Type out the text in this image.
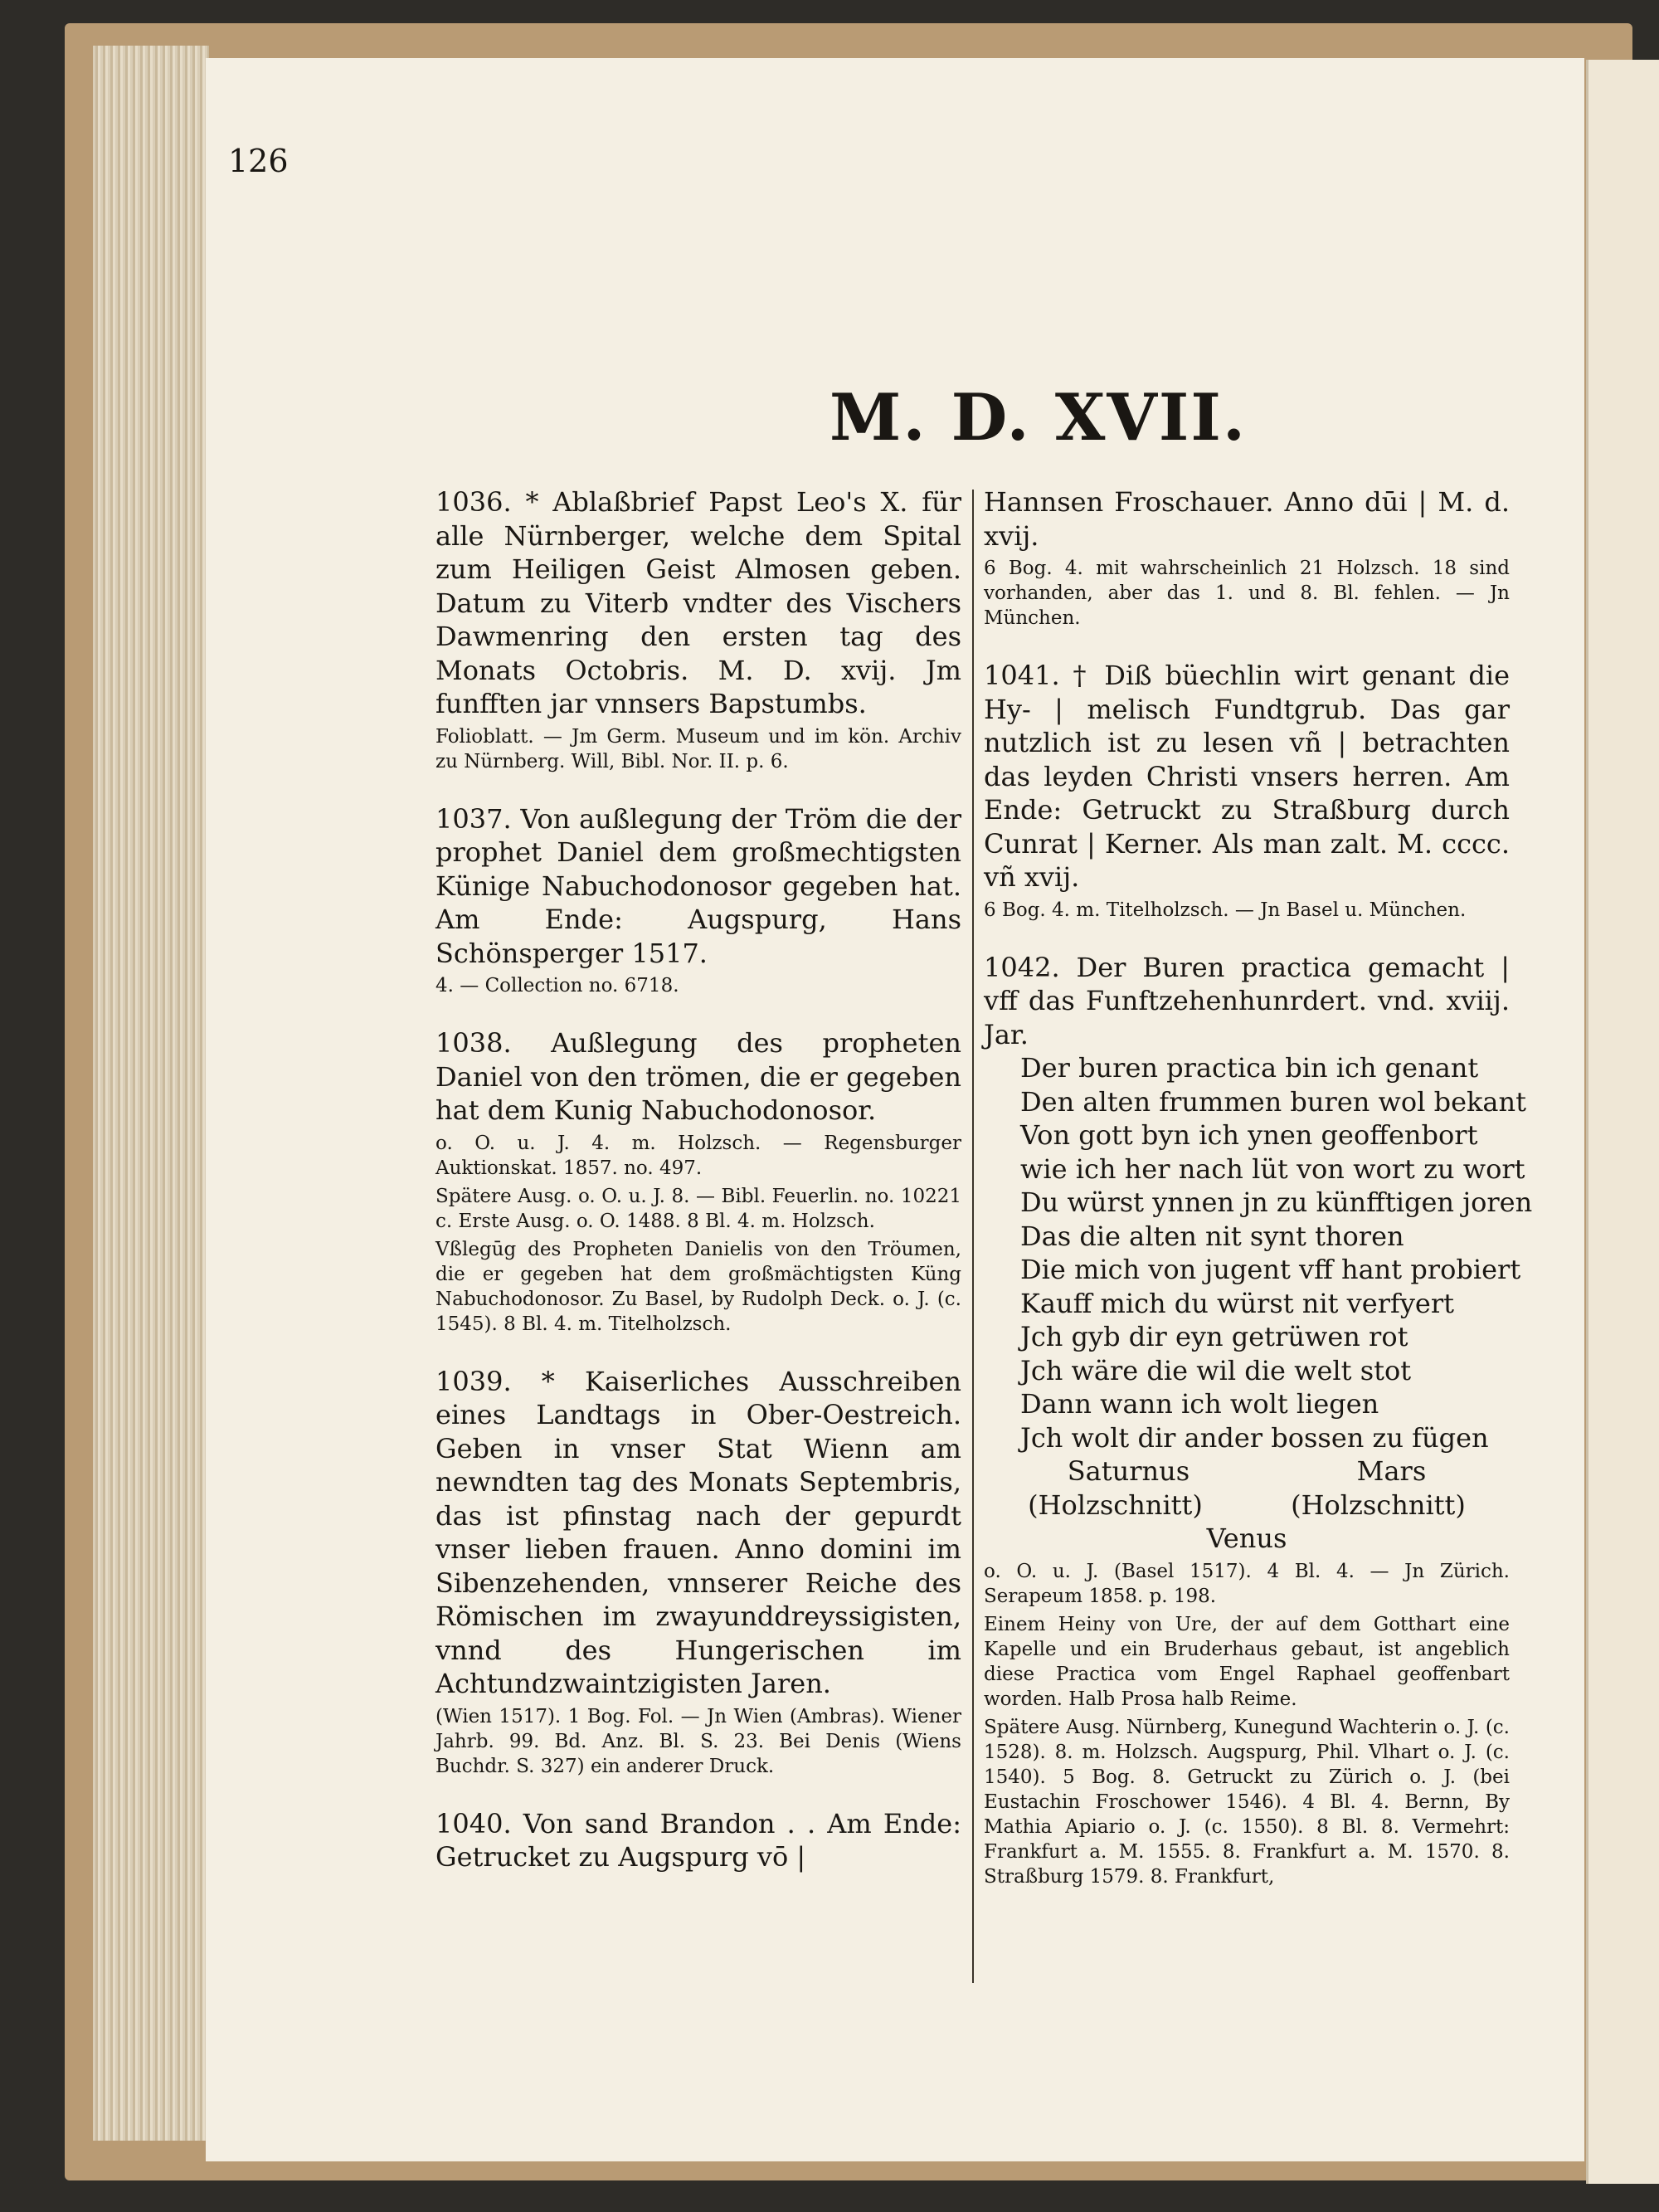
126
M. D. XVII.
1036. * Ablaßbrief Papst Leo's X. für alle Nürnberger, welche dem Spital zum Heiligen Geist Almosen geben. Datum zu Viterb vndter des Vischers Dawmenring den ersten tag des Monats Octobris. M. D. xvij. Jm funfften jar vnnsers Bapstumbs.
Folioblatt. — Jm Germ. Museum und im kön. Archiv zu Nürnberg. Will, Bibl. Nor. II. p. 6.
1037. Von außlegung der Tröm die der prophet Daniel dem großmechtigsten Künige Nabuchodonosor gegeben hat. Am Ende: Augspurg, Hans Schönsperger 1517.
4. — Collection no. 6718.
1038. Außlegung des propheten Daniel von den trömen, die er gegeben hat dem Kunig Nabuchodonosor.
o. O. u. J. 4. m. Holzsch. — Regensburger Auktionskat. 1857. no. 497.
Spätere Ausg. o. O. u. J. 8. — Bibl. Feuerlin. no. 10221 c. Erste Ausg. o. O. 1488. 8 Bl. 4. m. Holzsch.
Vßlegūg des Propheten Danielis von den Tröumen, die er gegeben hat dem großmächtigsten Küng Nabuchodonosor. Zu Basel, by Rudolph Deck. o. J. (c. 1545). 8 Bl. 4. m. Titelholzsch.
1039. * Kaiserliches Ausschreiben eines Landtags in Ober-Oestreich. Geben in vnser Stat Wienn am newndten tag des Monats Septembris, das ist pfinstag nach der gepurdt vnser lieben frauen. Anno domini im Sibenzehenden, vnnserer Reiche des Römischen im zwayunddreyssigisten, vnnd des Hungerischen im Achtundzwaintzigisten Jaren.
(Wien 1517). 1 Bog. Fol. — Jn Wien (Ambras). Wiener Jahrb. 99. Bd. Anz. Bl. S. 23. Bei Denis (Wiens Buchdr. S. 327) ein anderer Druck.
1040. Von sand Brandon . . Am Ende: Getrucket zu Augspurg vō |
Hannsen Froschauer. Anno dūi | M. d. xvij.
6 Bog. 4. mit wahrscheinlich 21 Holzsch. 18 sind vorhanden, aber das 1. und 8. Bl. fehlen. — Jn München.
1041. † Diß büechlin wirt genant die Hy- | melisch Fundtgrub. Das gar nutzlich ist zu lesen vñ | betrachten das leyden Christi vnsers herren. Am Ende: Getruckt zu Straßburg durch Cunrat | Kerner. Als man zalt. M. cccc. vñ xvij.
6 Bog. 4. m. Titelholzsch. — Jn Basel u. München.
1042. Der Buren practica gemacht | vff das Funftzehenhunrdert. vnd. xviij. Jar.
Der buren practica bin ich genant
Den alten frummen buren wol bekant
Von gott byn ich ynen geoffenbort
wie ich her nach lüt von wort zu wort
Du würst ynnen jn zu künfftigen joren
Das die alten nit synt thoren
Die mich von jugent vff hant probiert
Kauff mich du würst nit verfyert
Jch gyb dir eyn getrüwen rot
Jch wäre die wil die welt stot
Dann wann ich wolt liegen
Jch wolt dir ander bossen zu fügen
Saturnus	Mars
(Holzschnitt)	(Holzschnitt)
Venus
o. O. u. J. (Basel 1517). 4 Bl. 4. — Jn Zürich. Serapeum 1858. p. 198.
Einem Heiny von Ure, der auf dem Gotthart eine Kapelle und ein Bruderhaus gebaut, ist angeblich diese Practica vom Engel Raphael geoffenbart worden. Halb Prosa halb Reime.
Spätere Ausg. Nürnberg, Kunegund Wachterin o. J. (c. 1528). 8. m. Holzsch. Augspurg, Phil. Vlhart o. J. (c. 1540). 5 Bog. 8. Getruckt zu Zürich o. J. (bei Eustachin Froschower 1546). 4 Bl. 4. Bernn, By Mathia Apiario o. J. (c. 1550). 8 Bl. 8. Vermehrt: Frankfurt a. M. 1555. 8. Frankfurt a. M. 1570. 8. Straßburg 1579. 8. Frankfurt,
